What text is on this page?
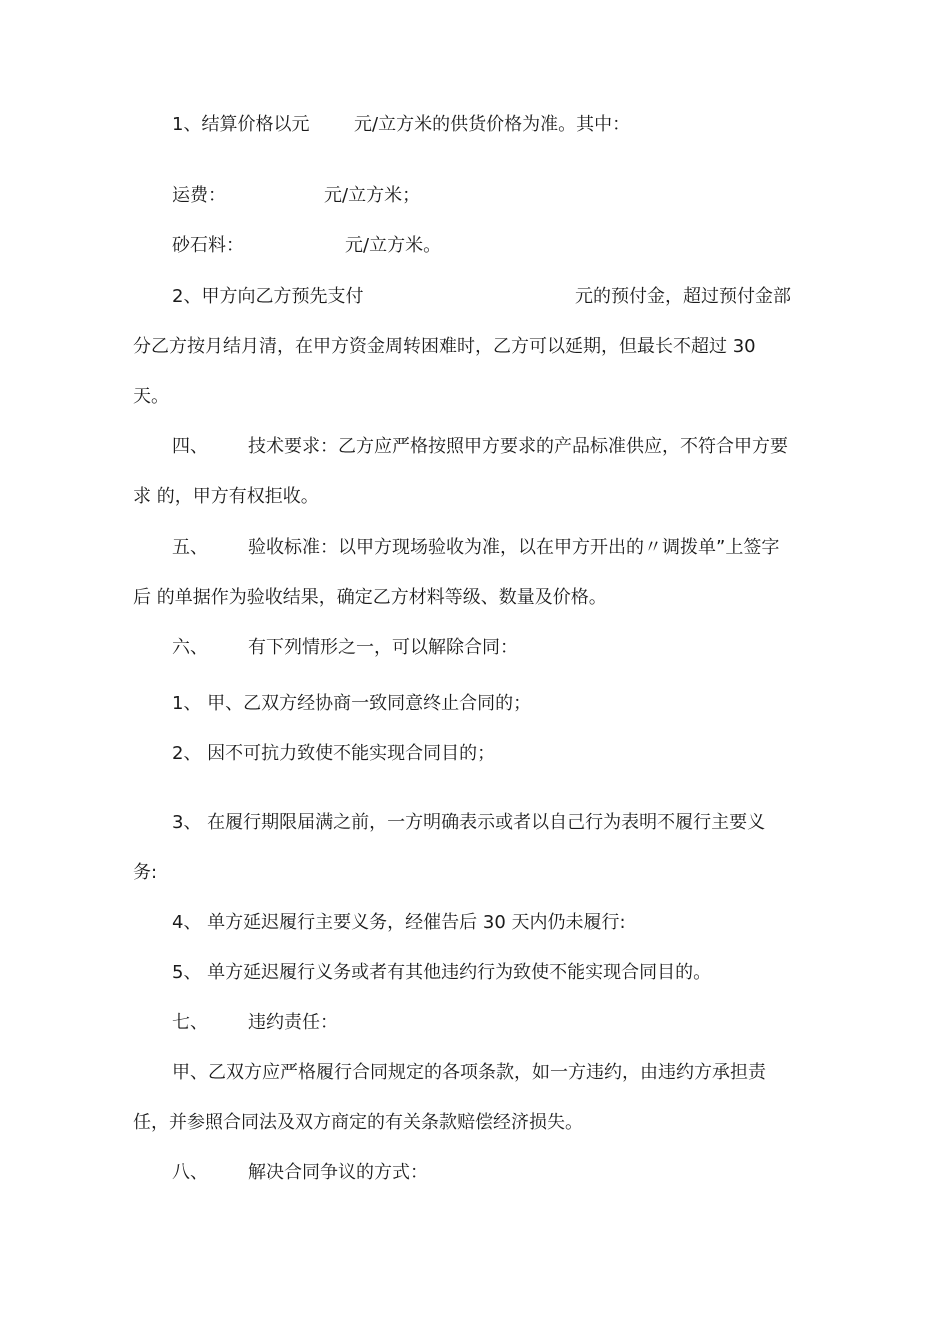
1、结算价格以元 元/立方米的供货价格为准。其中：
运费：	元/立方米；
砂石料：	元/立方米。
2、甲方向乙方预先支付	元的预付金，超过预付金部
分乙方按月结月清，在甲方资金周转困难时，乙方可以延期，但最长不超过 30
天。
四、 技术要求：乙方应严格按照甲方要求的产品标准供应，不符合甲方要
求 的，甲方有权拒收。
五、 验收标准：以甲方现场验收为准，以在甲方开出的〃调拨单”上签字
后 的单据作为验收结果，确定乙方材料等级、数量及价格。
六、 有下列情形之一，可以解除合同：
1、 甲、乙双方经协商一致同意终止合同的；
2、 因不可抗力致使不能实现合同目的；
3、 在履行期限届满之前，一方明确表示或者以自己行为表明不履行主要义
务:
4、 单方延迟履行主要义务，经催告后 30 天内仍未履行:
5、 单方延迟履行义务或者有其他违约行为致使不能实现合同目的。
七、 违约责任：
甲、乙双方应严格履行合同规定的各项条款，如一方违约，由违约方承担责
任，并参照合同法及双方商定的有关条款赔偿经济损失。
八、 解决合同争议的方式：
